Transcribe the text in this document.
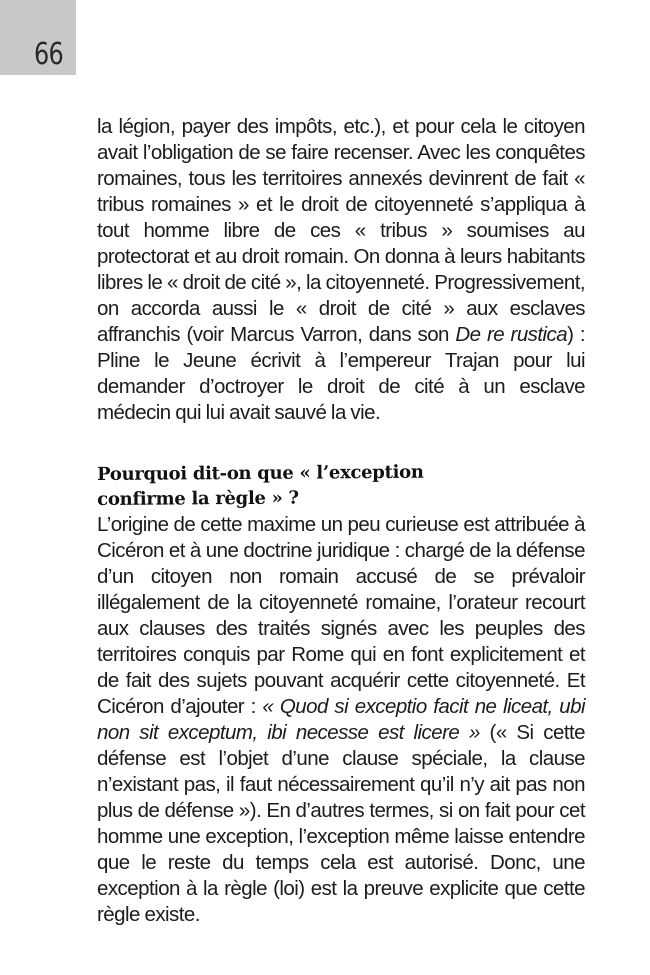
66

la légion, payer des impôts, etc.), et pour cela le citoyen avait l’obligation de se faire recenser. Avec les conquêtes romaines, tous les territoires annexés devinrent de fait « tribus romaines » et le droit de citoyenneté s’appliqua à tout homme libre de ces « tribus » soumises au protectorat et au droit romain. On donna à leurs habitants libres le « droit de cité », la citoyenneté. Progressivement, on accorda aussi le « droit de cité » aux esclaves affranchis (voir Marcus Varron, dans son De re rustica) : Pline le Jeune écrivit à l’empereur Trajan pour lui demander d’octroyer le droit de cité à un esclave médecin qui lui avait sauvé la vie.

Pourquoi dit-on que « l’exception
confirme la règle » ?

L’origine de cette maxime un peu curieuse est attribuée à Cicéron et à une doctrine juridique : chargé de la défense d’un citoyen non romain accusé de se prévaloir illégalement de la citoyenneté romaine, l’orateur recourt aux clauses des traités signés avec les peuples des territoires conquis par Rome qui en font explicitement et de fait des sujets pouvant acquérir cette citoyenneté. Et Cicéron d’ajouter : « Quod si exceptio facit ne liceat, ubi non sit exceptum, ibi necesse est licere » (« Si cette défense est l’objet d’une clause spéciale, la clause n’existant pas, il faut nécessairement qu’il n’y ait pas non plus de défense »). En d’autres termes, si on fait pour cet homme une exception, l’exception même laisse entendre que le reste du temps cela est autorisé. Donc, une exception à la règle (loi) est la preuve explicite que cette règle existe.
